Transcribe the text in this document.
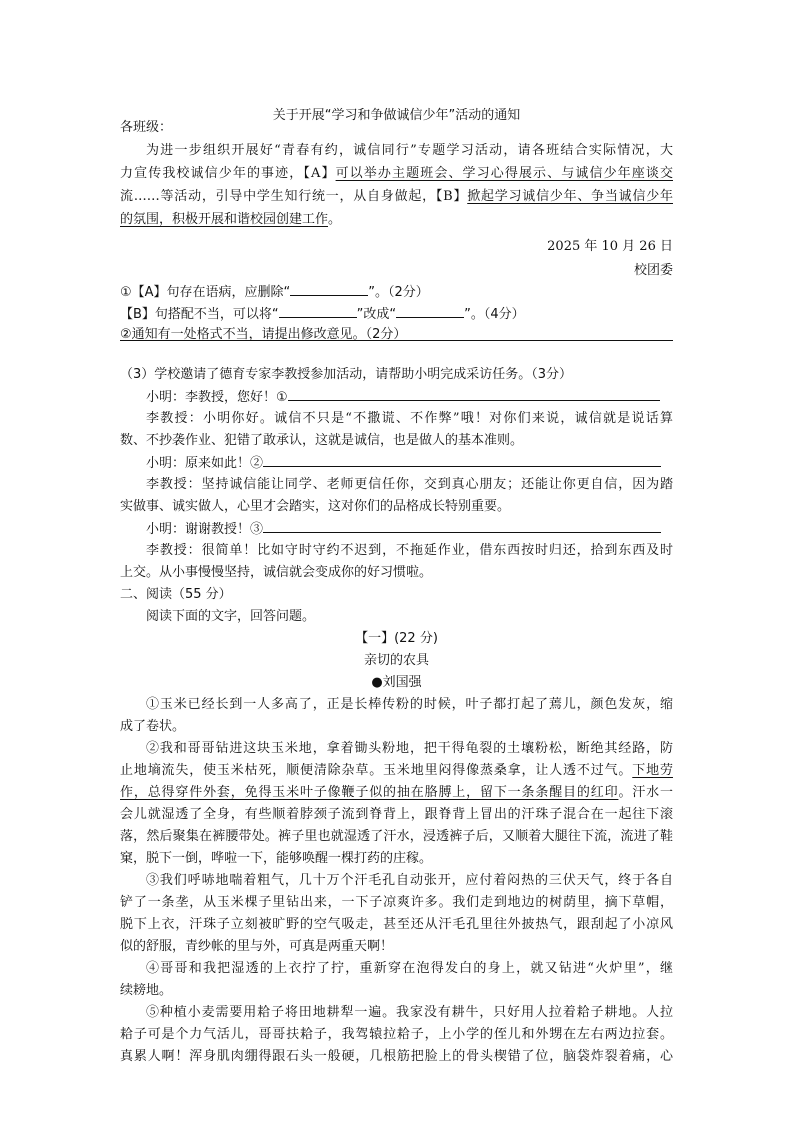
关于开展“学习和争做诚信少年”活动的通知
各班级：
为进一步组织开展好“青春有约，诚信同行”专题学习活动，请各班结合实际情况，大
力宣传我校诚信少年的事迹，【A】可以举办主题班会、学习心得展示、与诚信少年座谈交
流……等活动，引导中学生知行统一，从自身做起，【B】掀起学习诚信少年、争当诚信少年
的氛围，积极开展和谐校园创建工作。
2025 年 10 月 26 日
校团委
①【A】句存在语病，应删除“	”。（2分）
【B】句搭配不当，可以将“	”改成“	”。（4分）
②通知有一处格式不当，请提出修改意见。（2分）
（3）学校邀请了德育专家李教授参加活动，请帮助小明完成采访任务。（3分）
小明：李教授，您好！①
李教授：小明你好。诚信不只是“不撒谎、不作弊”哦！对你们来说，诚信就是说话算
数、不抄袭作业、犯错了敢承认，这就是诚信，也是做人的基本准则。
小明：原来如此！②
李教授：坚持诚信能让同学、老师更信任你，交到真心朋友；还能让你更自信，因为踏
实做事、诚实做人，心里才会踏实，这对你们的品格成长特别重要。
小明：谢谢教授！③
李教授：很简单！比如守时守约不迟到，不拖延作业，借东西按时归还，拾到东西及时
上交。从小事慢慢坚持，诚信就会变成你的好习惯啦。
二、阅读（55 分）
阅读下面的文字，回答问题。
【一】(22 分)
亲切的农具
●刘国强
①玉米已经长到一人多高了，正是长棒传粉的时候，叶子都打起了蔫儿，颜色发灰，缩
成了卷状。
②我和哥哥钻进这块玉米地，拿着锄头粉地，把干得龟裂的土壤粉松，断绝其经路，防
止地墒流失，使玉米枯死，顺便清除杂草。玉米地里闷得像蒸桑拿，让人透不过气。下地劳
作，总得穿件外套，免得玉米叶子像鞭子似的抽在胳膊上，留下一条条醒目的红印。汗水一
会儿就湿透了全身，有些顺着脖颈子流到脊背上，跟脊背上冒出的汗珠子混合在一起往下滚
落，然后聚集在裤腰带处。裤子里也就湿透了汗水，浸透裤子后，又顺着大腿往下流，流进了鞋
窠，脱下一倒，哗啦一下，能够唤醒一棵打药的庄稼。
③我们呼哧地喘着粗气，几十万个汗毛孔自动张开，应付着闷热的三伏天气，终于各自
铲了一条垄，从玉米棵子里钻出来，一下子凉爽许多。我们走到地边的树荫里，摘下草帽，
脱下上衣，汗珠子立刻被旷野的空气吸走，甚至还从汗毛孔里往外披热气，跟刮起了小凉风
似的舒服，青纱帐的里与外，可真是两重天啊！
④哥哥和我把湿透的上衣拧了拧，重新穿在泡得发白的身上，就又钻进“火炉里”，继
续耪地。
⑤种植小麦需要用耠子将田地耕犁一遍。我家没有耕牛，只好用人拉着耠子耕地。人拉
耠子可是个力气活儿，哥哥扶耠子，我驾辕拉耠子，上小学的侄儿和外甥在左右两边拉套。
真累人啊！浑身肌肉绷得跟石头一般硬，几根筋把脸上的骨头楔错了位，脑袋炸裂着痛，心
